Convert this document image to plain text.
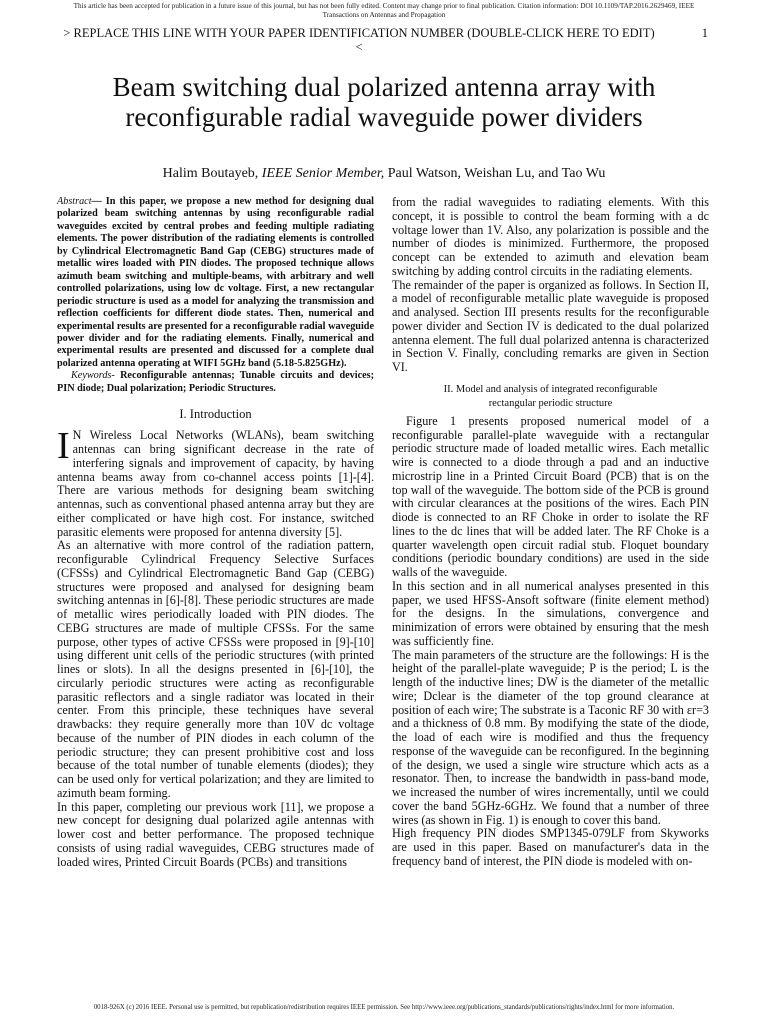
This article has been accepted for publication in a future issue of this journal, but has not been fully edited. Content may change prior to final publication. Citation information: DOI 10.1109/TAP.2016.2629469, IEEE
Transactions on Antennas and Propagation
> REPLACE THIS LINE WITH YOUR PAPER IDENTIFICATION NUMBER (DOUBLE-CLICK HERE TO EDIT) <
1
Beam switching dual polarized antenna array with reconfigurable radial waveguide power dividers
Halim Boutayeb, IEEE Senior Member, Paul Watson, Weishan Lu, and Tao Wu

Abstract— In this paper, we propose a new method for designing dual polarized beam switching antennas by using reconfigurable radial waveguides excited by central probes and feeding multiple radiating elements. The power distribution of the radiating elements is controlled by Cylindrical Electromagnetic Band Gap (CEBG) structures made of metallic wires loaded with PIN diodes. The proposed technique allows azimuth beam switching and multiple-beams, with arbitrary and well controlled polarizations, using low dc voltage. First, a new rectangular periodic structure is used as a model for analyzing the transmission and reflection coefficients for different diode states. Then, numerical and experimental results are presented for a reconfigurable radial waveguide power divider and for the radiating elements. Finally, numerical and experimental results are presented and discussed for a complete dual polarized antenna operating at WIFI 5GHz band (5.18-5.825GHz).

Keywords- Reconfigurable antennas; Tunable circuits and devices; PIN diode; Dual polarization; Periodic Structures.

I. Introduction

I N Wireless Local Networks (WLANs), beam switching antennas can bring significant decrease in the rate of interfering signals and improvement of capacity, by having antenna beams away from co-channel access points [1]-[4]. There are various methods for designing beam switching antennas, such as conventional phased antenna array but they are either complicated or have high cost. For instance, switched parasitic elements were proposed for antenna diversity [5].

As an alternative with more control of the radiation pattern, reconfigurable Cylindrical Frequency Selective Surfaces (CFSSs) and Cylindrical Electromagnetic Band Gap (CEBG) structures were proposed and analysed for designing beam switching antennas in [6]-[8]. These periodic structures are made of metallic wires periodically loaded with PIN diodes. The CEBG structures are made of multiple CFSSs. For the same purpose, other types of active CFSSs were proposed in [9]-[10] using different unit cells of the periodic structures (with printed lines or slots). In all the designs presented in [6]-[10], the circularly periodic structures were acting as reconfigurable parasitic reflectors and a single radiator was located in their center. From this principle, these techniques have several drawbacks: they require generally more than 10V dc voltage because of the number of PIN diodes in each column of the periodic structure; they can present prohibitive cost and loss because of the total number of tunable elements (diodes); they can be used only for vertical polarization; and they are limited to azimuth beam forming.

In this paper, completing our previous work [11], we propose a new concept for designing dual polarized agile antennas with lower cost and better performance. The proposed technique consists of using radial waveguides, CEBG structures made of loaded wires, Printed Circuit Boards (PCBs) and transitions

from the radial waveguides to radiating elements. With this concept, it is possible to control the beam forming with a dc voltage lower than 1V. Also, any polarization is possible and the number of diodes is minimized. Furthermore, the proposed concept can be extended to azimuth and elevation beam switching by adding control circuits in the radiating elements.

The remainder of the paper is organized as follows. In Section II, a model of reconfigurable metallic plate waveguide is proposed and analysed. Section III presents results for the reconfigurable power divider and Section IV is dedicated to the dual polarized antenna element. The full dual polarized antenna is characterized in Section V. Finally, concluding remarks are given in Section VI.

II. Model and analysis of integrated reconfigurable
rectangular periodic structure

Figure 1 presents proposed numerical model of a reconfigurable parallel-plate waveguide with a rectangular periodic structure made of loaded metallic wires. Each metallic wire is connected to a diode through a pad and an inductive microstrip line in a Printed Circuit Board (PCB) that is on the top wall of the waveguide. The bottom side of the PCB is ground with circular clearances at the positions of the wires. Each PIN diode is connected to an RF Choke in order to isolate the RF lines to the dc lines that will be added later. The RF Choke is a quarter wavelength open circuit radial stub. Floquet boundary conditions (periodic boundary conditions) are used in the side walls of the waveguide.

In this section and in all numerical analyses presented in this paper, we used HFSS-Ansoft software (finite element method) for the designs. In the simulations, convergence and minimization of errors were obtained by ensuring that the mesh was sufficiently fine.

The main parameters of the structure are the followings: H is the height of the parallel-plate waveguide; P is the period; L is the length of the inductive lines; DW is the diameter of the metallic wire; Dclear is the diameter of the top ground clearance at position of each wire; The substrate is a Taconic RF 30 with εr=3 and a thickness of 0.8 mm. By modifying the state of the diode, the load of each wire is modified and thus the frequency response of the waveguide can be reconfigured. In the beginning of the design, we used a single wire structure which acts as a resonator. Then, to increase the bandwidth in pass-band mode, we increased the number of wires incrementally, until we could cover the band 5GHz-6GHz. We found that a number of three wires (as shown in Fig. 1) is enough to cover this band.

High frequency PIN diodes SMP1345-079LF from Skyworks are used in this paper. Based on manufacturer's data in the frequency band of interest, the PIN diode is modeled with on-

0018-926X (c) 2016 IEEE. Personal use is permitted, but republication/redistribution requires IEEE permission. See http://www.ieee.org/publications_standards/publications/rights/index.html for more information.
